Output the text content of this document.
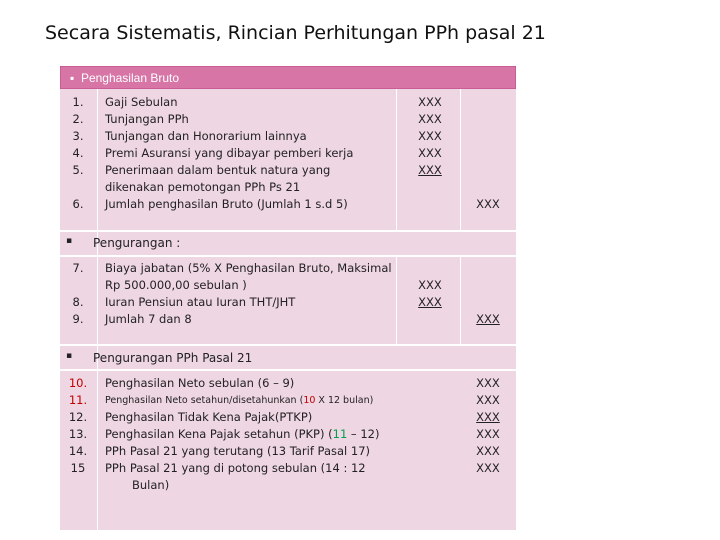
Secara Sistematis, Rincian Perhitungan PPh pasal 21
▪ Penghasilan Bruto
1.
2.
3.
4.
5.
6.
Gaji Sebulan
Tunjangan PPh
Tunjangan dan Honorarium lainnya
Premi Asuransi yang dibayar pemberi kerja
Penerimaan dalam bentuk natura yang
dikenakan pemotongan PPh Ps 21
Jumlah penghasilan Bruto (Jumlah 1 s.d 5)
XXX
XXX
XXX
XXX
XXX
XXX
▪ Pengurangan :
7.
8.
9.
Biaya jabatan (5% X Penghasilan Bruto, Maksimal
Rp 500.000,00 sebulan )
Iuran Pensiun atau Iuran THT/JHT
Jumlah 7 dan 8
XXX
XXX
XXX
▪ Pengurangan PPh Pasal 21
10.
11.
12.
13.
14.
15
Penghasilan Neto sebulan (6 – 9)
Penghasilan Neto setahun/disetahunkan (10 X 12 bulan)
Penghasilan Tidak Kena Pajak(PTKP)
Penghasilan Kena Pajak setahun (PKP) (11 – 12)
PPh Pasal 21 yang terutang (13 Tarif Pasal 17)
PPh Pasal 21 yang di potong sebulan (14 : 12
Bulan)
XXX
XXX
XXX
XXX
XXX
XXX
